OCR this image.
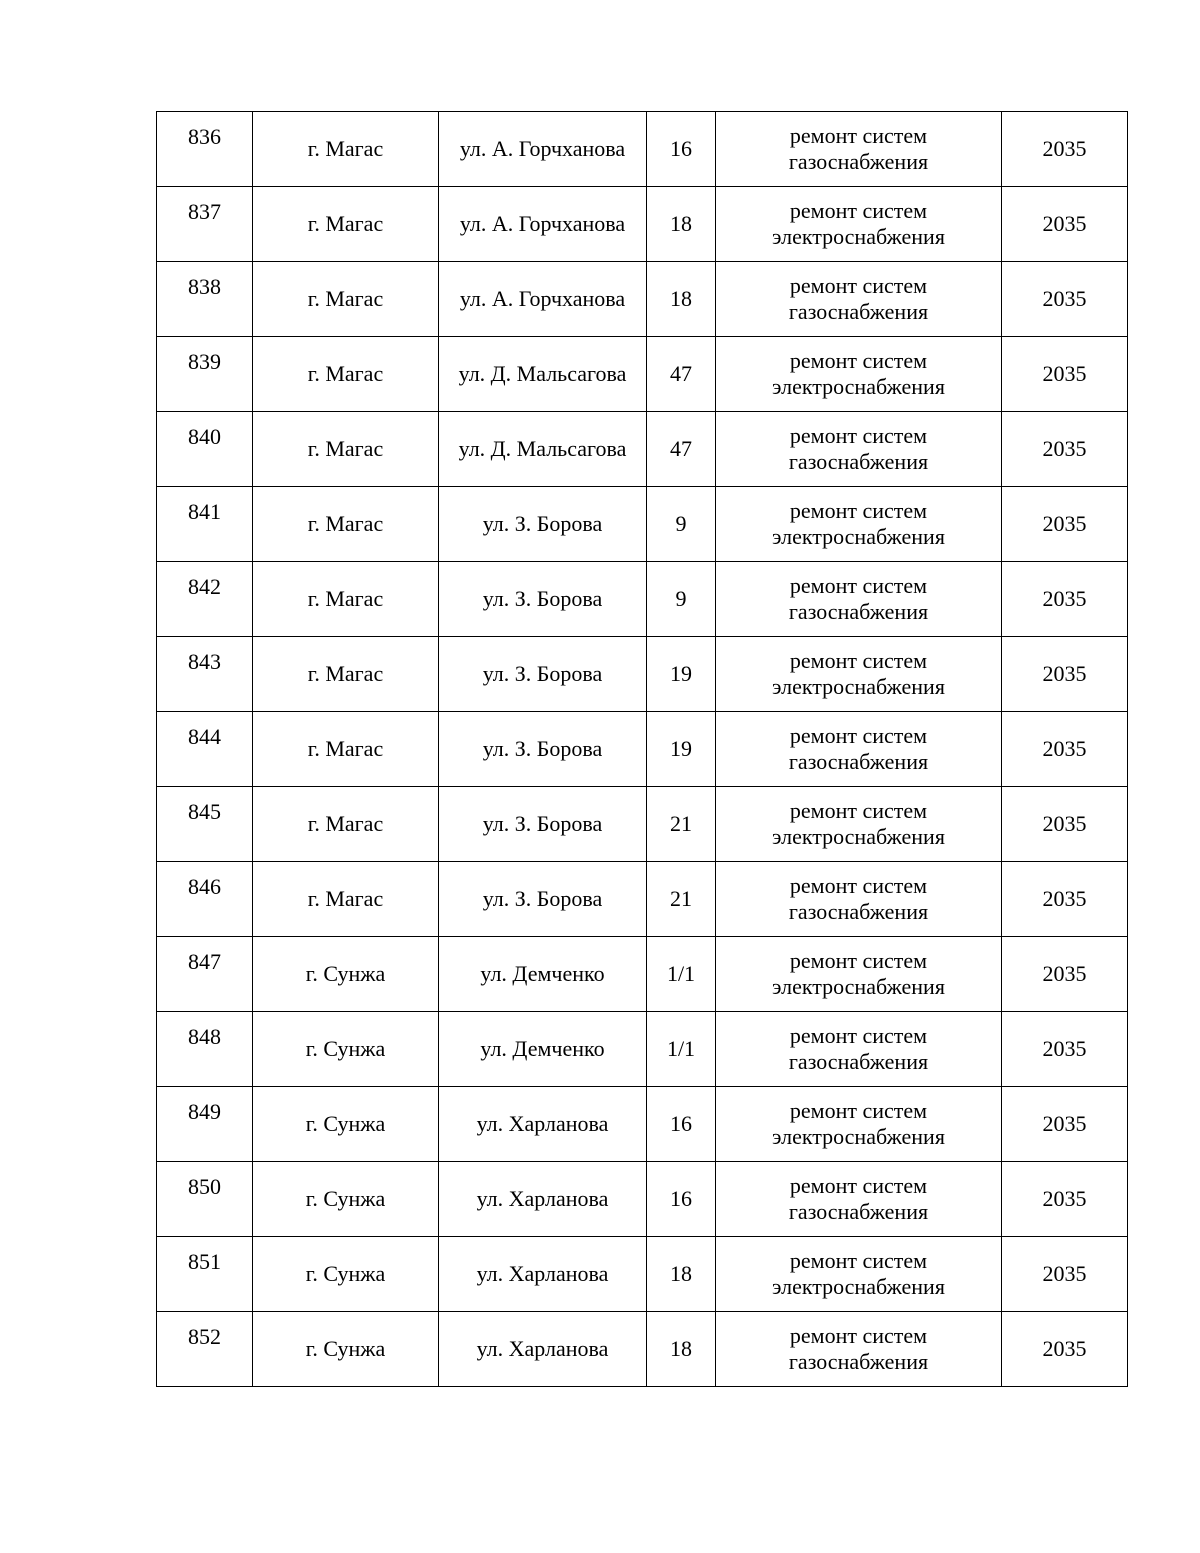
836	г. Магас	ул. А. Горчханова	16	ремонт систем
газоснабжения	2035
837	г. Магас	ул. А. Горчханова	18	ремонт систем
электроснабжения	2035
838	г. Магас	ул. А. Горчханова	18	ремонт систем
газоснабжения	2035
839	г. Магас	ул. Д. Мальсагова	47	ремонт систем
электроснабжения	2035
840	г. Магас	ул. Д. Мальсагова	47	ремонт систем
газоснабжения	2035
841	г. Магас	ул. З. Борова	9	ремонт систем
электроснабжения	2035
842	г. Магас	ул. З. Борова	9	ремонт систем
газоснабжения	2035
843	г. Магас	ул. З. Борова	19	ремонт систем
электроснабжения	2035
844	г. Магас	ул. З. Борова	19	ремонт систем
газоснабжения	2035
845	г. Магас	ул. З. Борова	21	ремонт систем
электроснабжения	2035
846	г. Магас	ул. З. Борова	21	ремонт систем
газоснабжения	2035
847	г. Сунжа	ул. Демченко	1/1	ремонт систем
электроснабжения	2035
848	г. Сунжа	ул. Демченко	1/1	ремонт систем
газоснабжения	2035
849	г. Сунжа	ул. Харланова	16	ремонт систем
электроснабжения	2035
850	г. Сунжа	ул. Харланова	16	ремонт систем
газоснабжения	2035
851	г. Сунжа	ул. Харланова	18	ремонт систем
электроснабжения	2035
852	г. Сунжа	ул. Харланова	18	ремонт систем
газоснабжения	2035
